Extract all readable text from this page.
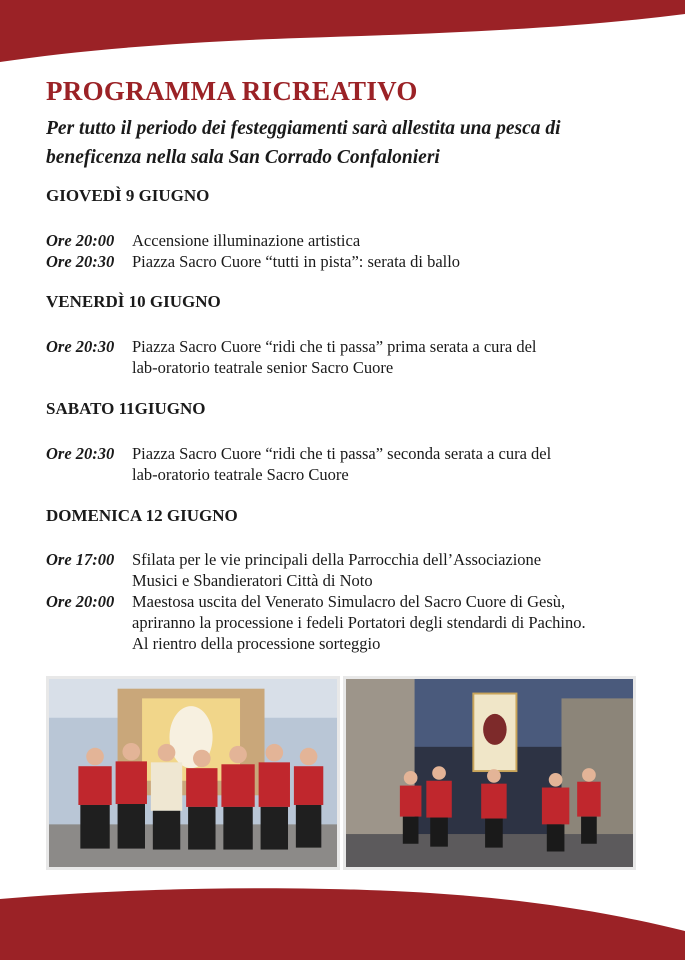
PROGRAMMA RICREATIVO

Per tutto il periodo dei festeggiamenti sarà allestita una pesca di beneficenza nella sala San Corrado Confalonieri

GIOVEDÌ 9 GIUGNO
Ore 20:00 Accensione illuminazione artistica
Ore 20:30 Piazza Sacro Cuore “tutti in pista”: serata di ballo
VENERDÌ 10 GIUGNO
Ore 20:30 Piazza Sacro Cuore “ridi che ti passa” prima serata a cura del
lab-oratorio teatrale senior Sacro Cuore
SABATO 11GIUGNO
Ore 20:30 Piazza Sacro Cuore “ridi che ti passa” seconda serata a cura del
lab-oratorio teatrale Sacro Cuore
DOMENICA 12 GIUGNO
Ore 17:00 Sfilata per le vie principali della Parrocchia dell’Associazione
Musici e Sbandieratori Città di Noto
Ore 20:00 Maestosa uscita del Venerato Simulacro del Sacro Cuore di Gesù,
apriranno la processione i fedeli Portatori degli stendardi di Pachino.
Al rientro della processione sorteggio
